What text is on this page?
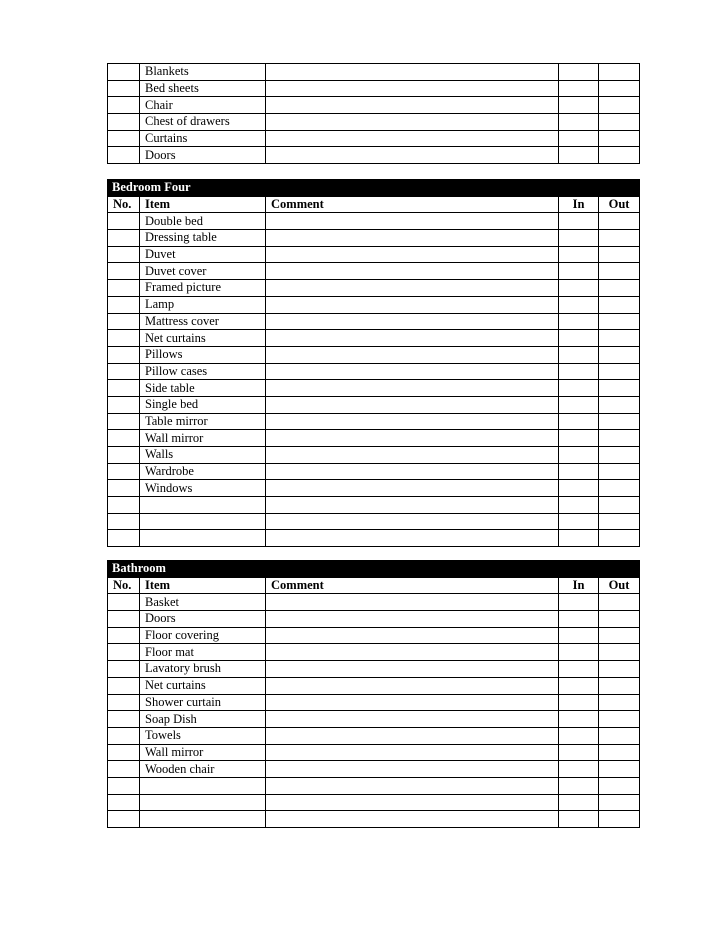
	Blankets			
	Bed sheets			
	Chair			
	Chest of drawers			
	Curtains			
	Doors			
Bedroom Four				
No.	Item	Comment	In	Out
	Double bed			
	Dressing table			
	Duvet			
	Duvet cover			
	Framed picture			
	Lamp			
	Mattress cover			
	Net curtains			
	Pillows			
	Pillow cases			
	Side table			
	Single bed			
	Table mirror			
	Wall mirror			
	Walls			
	Wardrobe			
	Windows			

Bathroom				
No.	Item	Comment	In	Out
	Basket			
	Doors			
	Floor covering			
	Floor mat			
	Lavatory brush			
	Net curtains			
	Shower curtain			
	Soap Dish			
	Towels			
	Wall mirror			
	Wooden chair			
